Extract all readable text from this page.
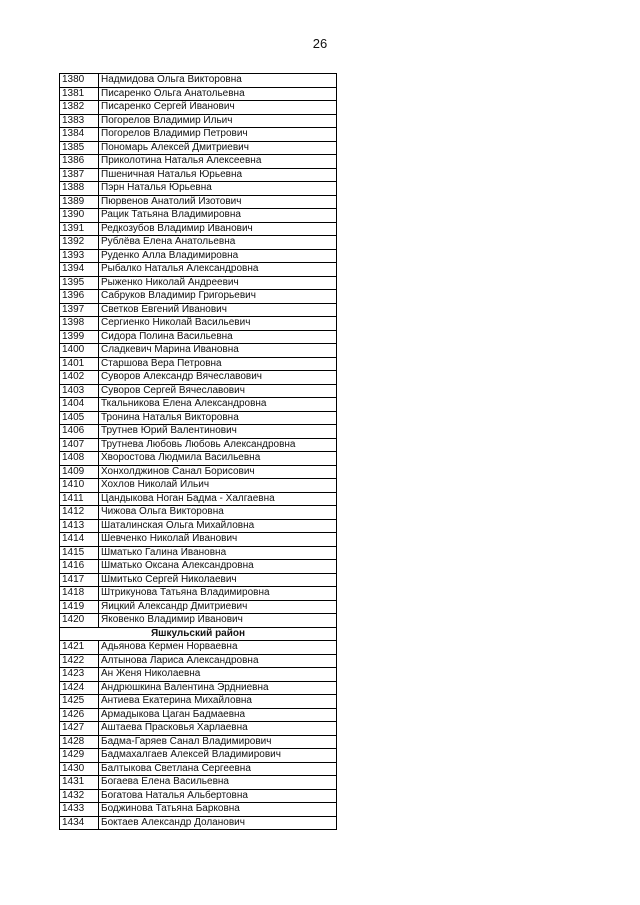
26
1380	Надмидова Ольга Викторовна
1381	Писаренко Ольга Анатольевна
1382	Писаренко Сергей Иванович
1383	Погорелов Владимир Ильич
1384	Погорелов Владимир Петрович
1385	Пономарь Алексей Дмитриевич
1386	Приколотина Наталья Алексеевна
1387	Пшеничная Наталья Юрьевна
1388	Пэрн Наталья Юрьевна
1389	Пюрвенов Анатолий Изотович
1390	Рацик Татьяна Владимировна
1391	Редкозубов Владимир Иванович
1392	Рублёва Елена Анатольевна
1393	Руденко Алла Владимировна
1394	Рыбалко Наталья Александровна
1395	Рыженко Николай Андреевич
1396	Сабруков Владимир Григорьевич
1397	Светков Евгений Иванович
1398	Сергиенко Николай Васильевич
1399	Сидора Полина Васильевна
1400	Сладкевич Марина Ивановна
1401	Старшова Вера Петровна
1402	Суворов Александр Вячеславович
1403	Суворов Сергей Вячеславович
1404	Ткальникова Елена Александровна
1405	Тронина Наталья Викторовна
1406	Трутнев Юрий Валентинович
1407	Трутнева Любовь Любовь Александровна
1408	Хворостова Людмила Васильевна
1409	Хонхолджинов Санал Борисович
1410	Хохлов Николай Ильич
1411	Цандыкова Ноган Бадма - Халгаевна
1412	Чижова Ольга Викторовна
1413	Шаталинская Ольга Михайловна
1414	Шевченко Николай Иванович
1415	Шматько Галина Ивановна
1416	Шматько Оксана Александровна
1417	Шмитько Сергей Николаевич
1418	Штрикунова Татьяна Владимировна
1419	Яицкий Александр Дмитриевич
1420	Яковенко Владимир Иванович
Яшкульский район	
1421	Адьянова Кермен Норваевна
1422	Алтынова Лариса Александровна
1423	Ан Женя Николаевна
1424	Андрюшкина Валентина Эрдниевна
1425	Антиева Екатерина Михайловна
1426	Армадыкова Цаган Бадмаевна
1427	Аштаева Прасковья Харлаевна
1428	Бадма-Гаряев Санал Владимирович
1429	Бадмахалгаев Алексей Владимирович
1430	Балтыкова Светлана Сергеевна
1431	Богаева Елена Васильевна
1432	Богатова Наталья Альбертовна
1433	Боджинова Татьяна Барковна
1434	Боктаев Александр Доланович
